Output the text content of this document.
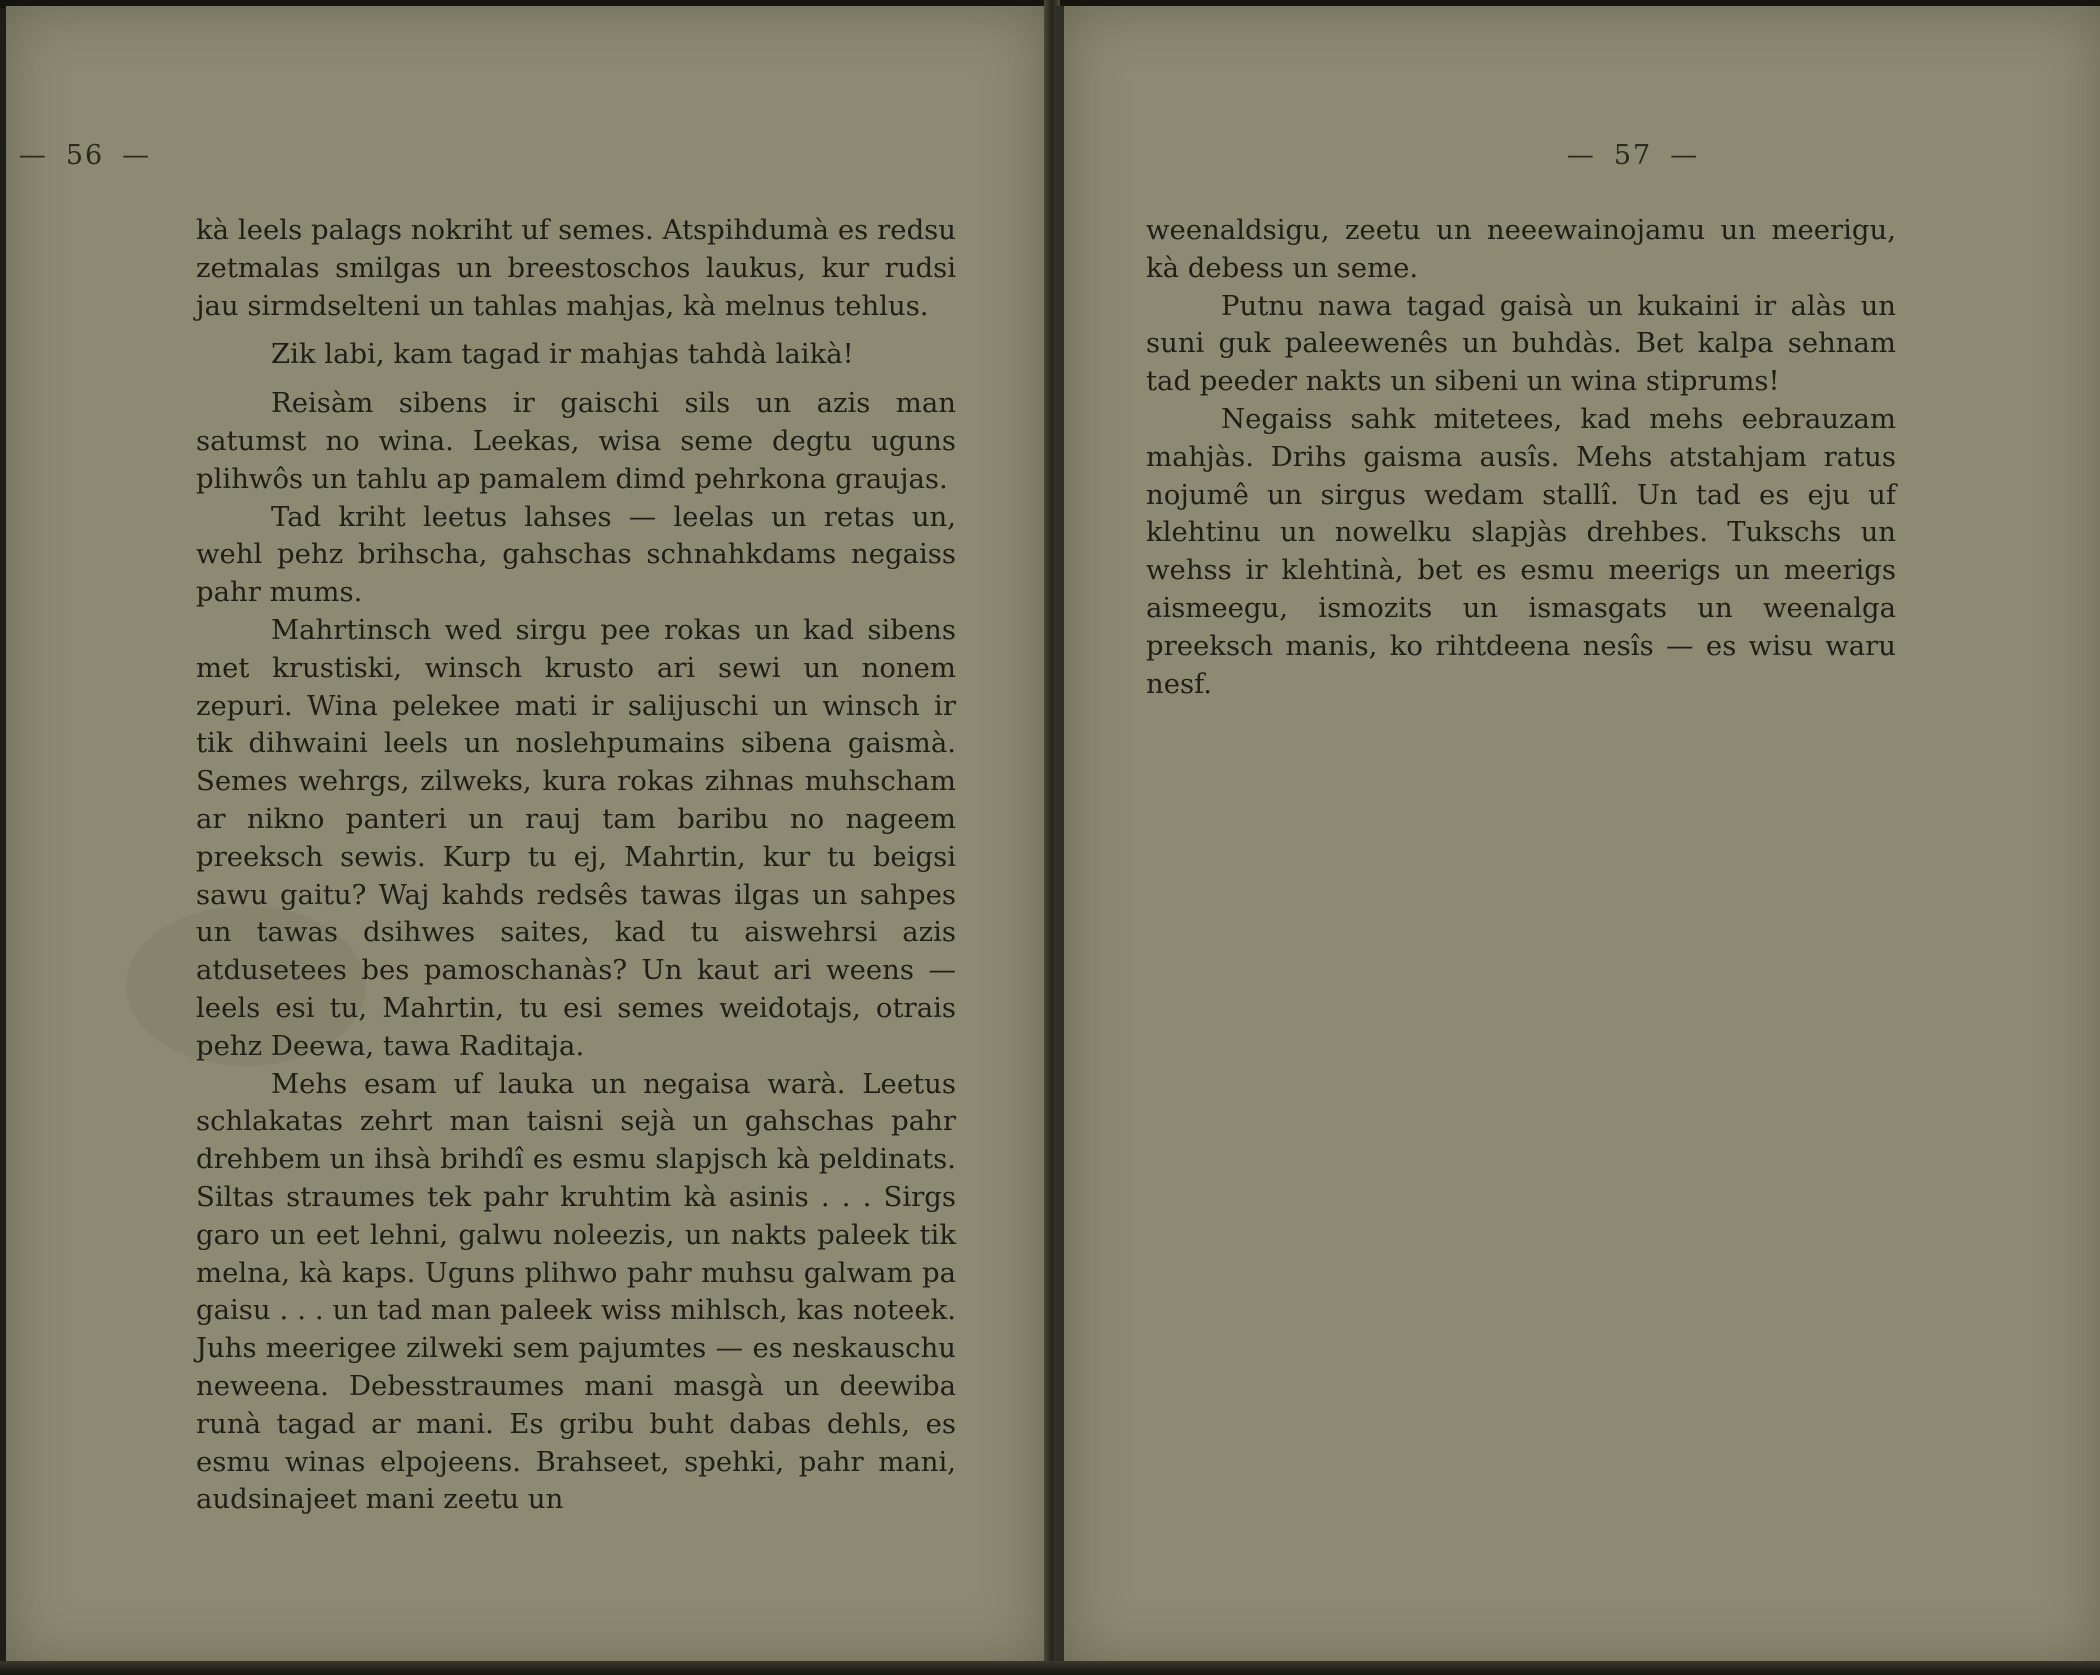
— 56 —

kà leels palags nokriht uf semes. Atspihdumà es redsu zetmalas smilgas un breestoschos laukus, kur rudsi jau sirmdselteni un tahlas mahjas, kà melnus tehlus.

Zik labi, kam tagad ir mahjas tahdà laikà!

Reisàm sibens ir gaischi sils un azis man satumst no wina. Leekas, wisa seme degtu uguns plihwôs un tahlu ap pamalem dimd pehrkona graujas.

Tad kriht leetus lahses — leelas un retas un, wehl pehz brihscha, gahschas schnahkdams negaiss pahr mums.

Mahrtinsch wed sirgu pee rokas un kad sibens met krustiski, winsch krusto ari sewi un nonem zepuri. Wina pelekee mati ir salijuschi un winsch ir tik dihwaini leels un noslehpumains sibena gaismà. Semes wehrgs, zilweks, kura rokas zihnas muhscham ar nikno panteri un rauj tam baribu no nageem preeksch sewis. Kurp tu ej, Mahrtin, kur tu beigsi sawu gaitu? Waj kahds redsês tawas ilgas un sahpes un tawas dsihwes saites, kad tu aiswehrsi azis atdusetees bes pamoschanàs? Un kaut ari weens — leels esi tu, Mahrtin, tu esi semes weidotajs, otrais pehz Deewa, tawa Raditaja.

Mehs esam uf lauka un negaisa warà. Leetus schlakatas zehrt man taisni sejà un gahschas pahr drehbem un ihsà brihdî es esmu slapjsch kà peldinats. Siltas straumes tek pahr kruhtim kà asinis . . . Sirgs garo un eet lehni, galwu noleezis, un nakts paleek tik melna, kà kaps. Uguns plihwo pahr muhsu galwam pa gaisu . . . un tad man paleek wiss mihlsch, kas noteek. Juhs meerigee zilweki sem pajumtes — es neskauschu neweena. Debesstraumes mani masgà un deewiba runà tagad ar mani. Es gribu buht dabas dehls, es esmu winas elpojeens. Brahseet, spehki, pahr mani, audsinajeet mani zeetu un

— 57 —

weenaldsigu, zeetu un neeewainojamu un meerigu, kà debess un seme.

Putnu nawa tagad gaisà un kukaini ir alàs un suni guk paleewenês un buhdàs. Bet kalpa sehnam tad peeder nakts un sibeni un wina stiprums!

Negaiss sahk mitetees, kad mehs eebrauzam mahjàs. Drihs gaisma ausîs. Mehs atstahjam ratus nojumê un sirgus wedam stallî. Un tad es eju uf klehtinu un nowelku slapjàs drehbes. Tukschs un wehss ir klehtinà, bet es esmu meerigs un meerigs aismeegu, ismozits un ismasgats un weenalga preeksch manis, ko rihtdeena nesîs — es wisu waru nesf.
